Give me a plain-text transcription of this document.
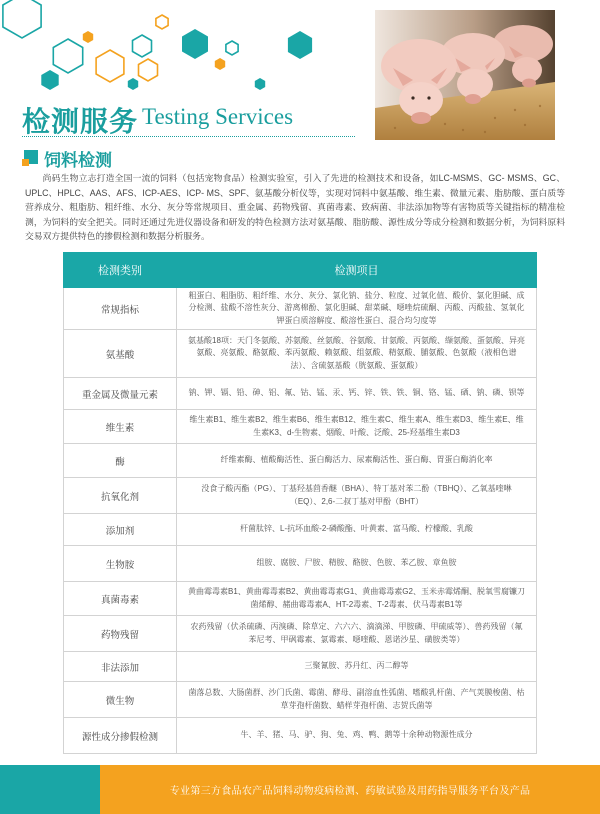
检测服务 Testing Services
饲料检测

尚码生物立志打造全国一流的饲料（包括宠物食品）检测实验室，引入了先进的检测技术和设备，如LC-MSMS、GC- MSMS、GC、UPLC、HPLC、AAS、AFS、ICP-AES、ICP- MS、SPF、氨基酸分析仪等，实现对饲料中氨基酸、维生素、微量元素、脂肪酸、蛋白质等营养成分、粗脂肪、粗纤维、水分、灰分等常规项目、重金属、药物残留、真菌毒素、致病菌、非法添加物等有害物质等关键指标的精准检测，为饲料的安全把关。同时还通过先进仪器设备和研发的特色检测方法对氨基酸、脂肪酸、源性成分等成分检测和数据分析，为饲料原料交易双方提供特色的掺假检测和数据分析服务。

检测类别	检测项目
常规指标	粗蛋白、粗脂肪、粗纤维、水分、灰分、氯化钠、盐分、粒度、过氧化值、酸价、氯化胆碱、成分检测、盐酸不溶性灰分、游离棉酚、氯化胆碱、甜菜碱、噁唑烷硫酮、丙酸、丙酸盐、氢氧化钾蛋白质溶解度、酸溶性蛋白、混合均匀度等
氨基酸	氨基酸18项：天门冬氨酸、苏氨酸、丝氨酸、谷氨酸、甘氨酸、丙氨酸、缬氨酸、蛋氨酸、异亮氨酸、亮氨酸、酪氨酸、苯丙氨酸、赖氨酸、组氨酸、精氨酸、脯氨酸、色氨酸（液相色谱法）、含硫氨基酸（胱氨酸、蛋氨酸）
重金属及微量元素	钠、钾、镉、铅、砷、铝、氟、钴、锰、汞、钙、锌、铁、铁、铜、铬、锰、硒、钠、磷、钡等
维生素	维生素B1、维生素B2、维生素B6、维生素B12、维生素C、维生素A、维生素D3、维生素E、维生素K3、d-生物素、烟酸、叶酸、泛酸、25-羟基维生素D3
酶	纤维素酶、植酸酶活性、蛋白酶活力、尿素酶活性、蛋白酶、胃蛋白酶消化率
抗氧化剂	没食子酸丙酯（PG）、丁基羟基茴香醚（BHA）、特丁基对苯二酚（TBHQ）、乙氧基喹啉（EQ）、2,6-二叔丁基对甲酚（BHT）
添加剂	杆菌肽锌、L-抗坏血酸-2-磷酸酯、叶黄素、富马酸、柠檬酸、乳酸
生物胺	组胺、腐胺、尸胺、精胺、酪胺、色胺、苯乙胺、章鱼胺
真菌毒素	黄曲霉毒素B1、黄曲霉毒素B2、黄曲霉毒素G1、黄曲霉毒素G2、玉米赤霉烯酮、脱氧雪腐镰刀菌烯醇、赭曲霉毒素A、HT-2毒素、T-2毒素、伏马毒素B1等
药物残留	农药残留（伏杀硫磷、丙溴磷、除草定、六六六、滴滴涕、甲胺磷、甲硫威等）、兽药残留（氟苯尼考、甲砜霉素、氯霉素、噁喹酸、恩诺沙星、磺胺类等）
非法添加	三聚氰胺、苏丹红、丙二醇等
微生物	菌落总数、大肠菌群、沙门氏菌、霉菌、酵母、副溶血性弧菌、嗜酸乳杆菌、产气荚膜梭菌、枯草芽孢杆菌数、蜡样芽孢杆菌、志贺氏菌等
源性成分掺假检测	牛、羊、猪、马、驴、狗、兔、鸡、鸭、鹅等十余种动物源性成分
专业第三方食品农产品饲料动物疫病检测、药敏试验及用药指导服务平台及产品
